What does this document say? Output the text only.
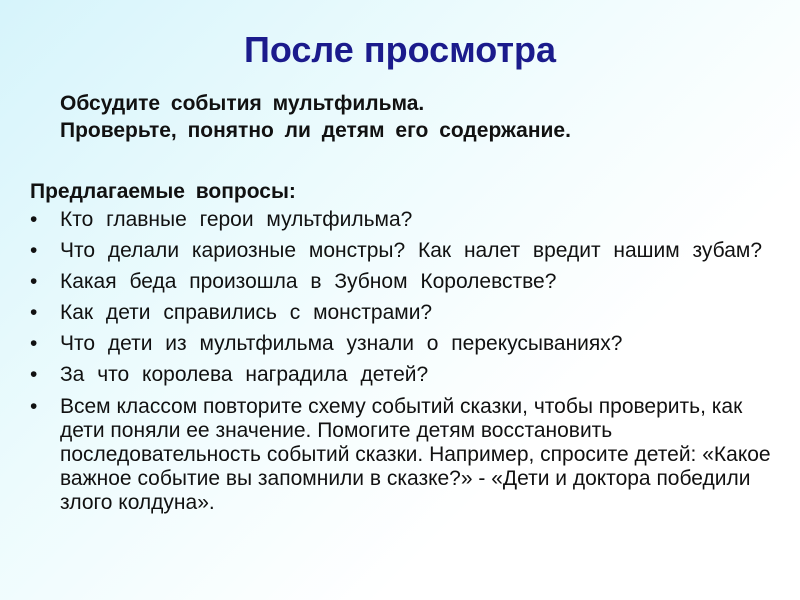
После просмотра
Обсудите события мультфильма.
Проверьте, понятно ли детям его содержание.
Предлагаемые вопросы:
•	Кто главные герои мультфильма?
•	Что делали кариозные монстры? Как налет вредит нашим зубам?
•	Какая беда произошла в Зубном Королевстве?
•	Как дети справились с монстрами?
•	Что дети из мультфильма узнали о перекусываниях?
•	За что королева наградила детей?
•	Всем классом повторите схему событий сказки, чтобы проверить, как дети поняли ее значение. Помогите детям восстановить последовательность событий сказки. Например, спросите детей: «Какое важное событие вы запомнили в сказке?» - «Дети и доктора победили злого колдуна».
